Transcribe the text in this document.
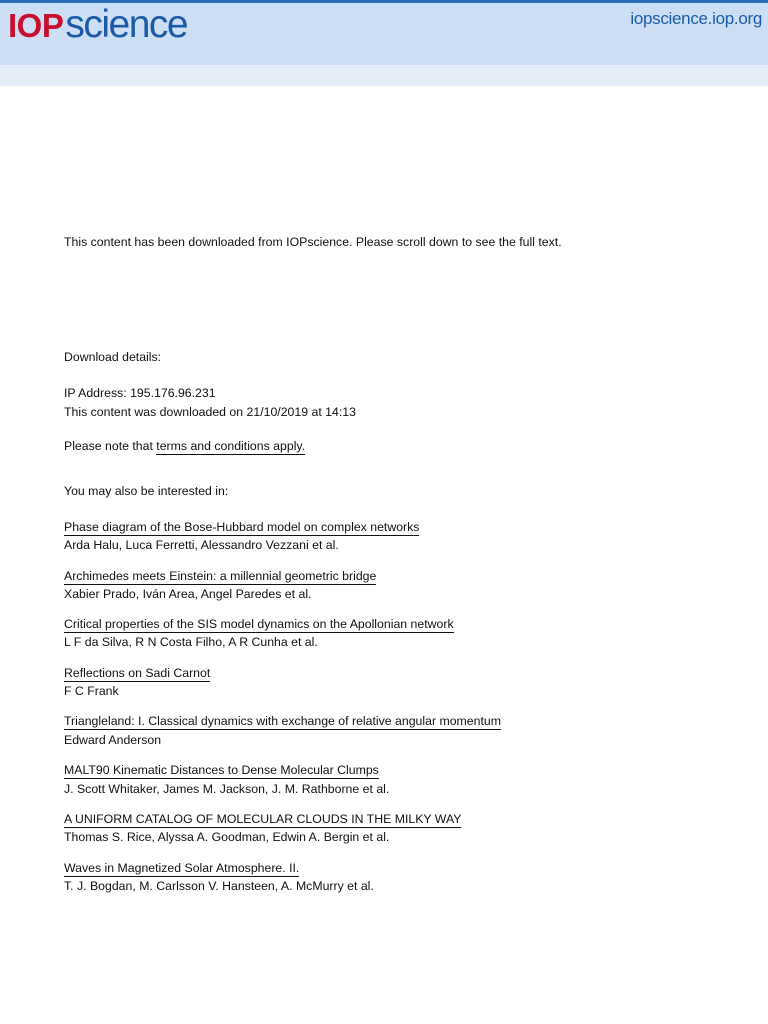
IOPscience	iopscience.iop.org
This content has been downloaded from IOPscience. Please scroll down to see the full text.
Download details:
IP Address: 195.176.96.231
This content was downloaded on 21/10/2019 at 14:13
Please note that terms and conditions apply.
You may also be interested in:
Phase diagram of the Bose-Hubbard model on complex networks
Arda Halu, Luca Ferretti, Alessandro Vezzani et al.
Archimedes meets Einstein: a millennial geometric bridge
Xabier Prado, Iván Area, Angel Paredes et al.
Critical properties of the SIS model dynamics on the Apollonian network
L F da Silva, R N Costa Filho, A R Cunha et al.
Reflections on Sadi Carnot
F C Frank
Triangleland: I. Classical dynamics with exchange of relative angular momentum
Edward Anderson
MALT90 Kinematic Distances to Dense Molecular Clumps
J. Scott Whitaker, James M. Jackson, J. M. Rathborne et al.
A UNIFORM CATALOG OF MOLECULAR CLOUDS IN THE MILKY WAY
Thomas S. Rice, Alyssa A. Goodman, Edwin A. Bergin et al.
Waves in Magnetized Solar Atmosphere. II.
T. J. Bogdan, M. Carlsson V. Hansteen, A. McMurry et al.
